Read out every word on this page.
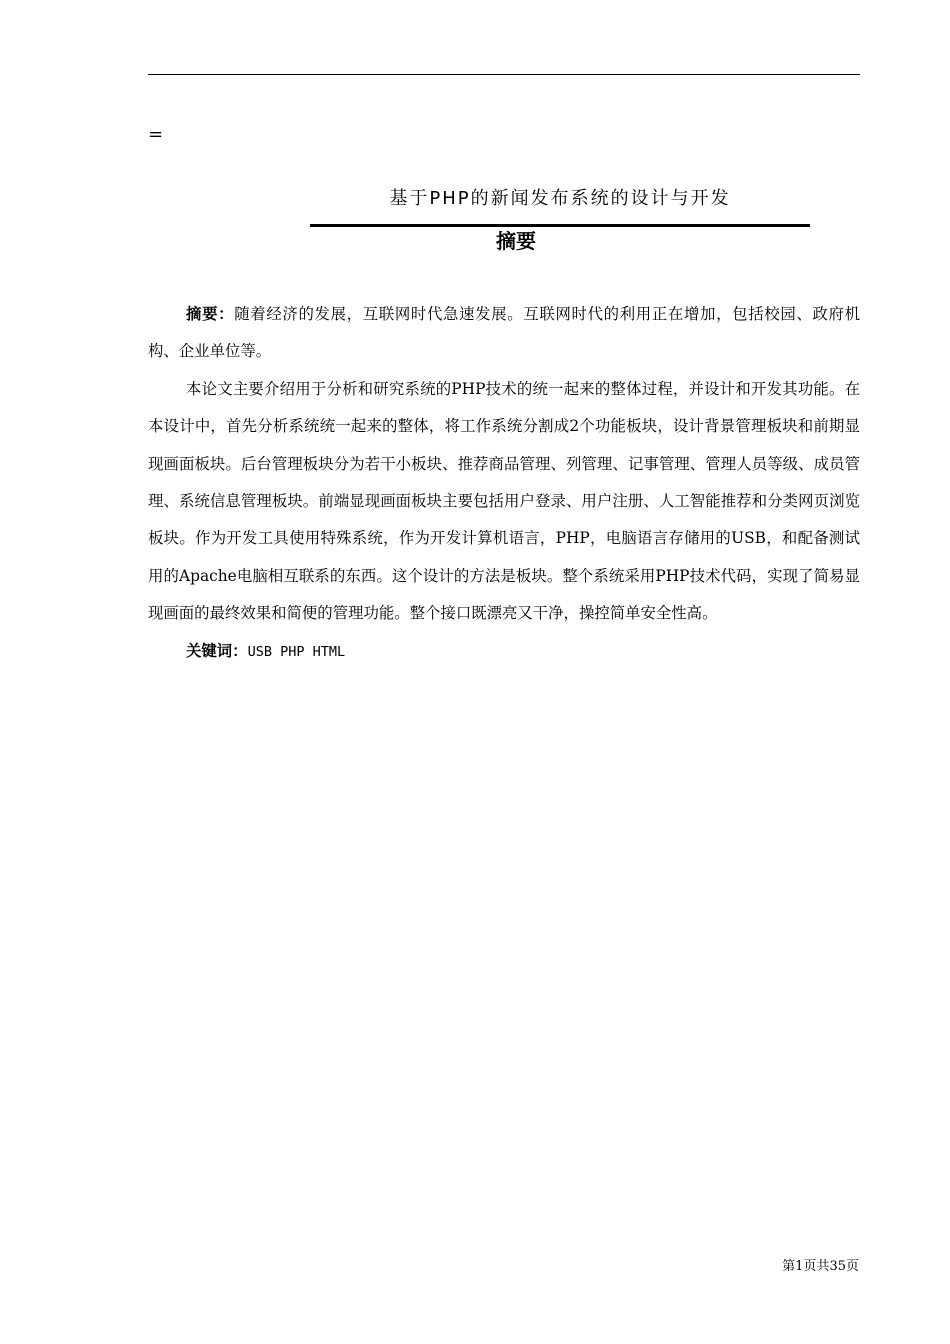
=
基于PHP的新闻发布系统的设计与开发
摘要

摘要：随着经济的发展，互联网时代急速发展。互联网时代的利用正在增加，包括校园、政府机构、企业单位等。

本论文主要介绍用于分析和研究系统的PHP技术的统一起来的整体过程，并设计和开发其功能。在本设计中，首先分析系统统一起来的整体，将工作系统分割成2个功能板块，设计背景管理板块和前期显现画面板块。后台管理板块分为若干小板块、推荐商品管理、列管理、记事管理、管理人员等级、成员管理、系统信息管理板块。前端显现画面板块主要包括用户登录、用户注册、人工智能推荐和分类网页浏览板块。作为开发工具使用特殊系统，作为开发计算机语言，PHP，电脑语言存储用的USB，和配备测试用的Apache电脑相互联系的东西。这个设计的方法是板块。整个系统采用PHP技术代码，实现了简易显现画面的最终效果和简便的管理功能。整个接口既漂亮又干净，操控简单安全性高。

关键词：USB PHP HTML

第1页共35页
